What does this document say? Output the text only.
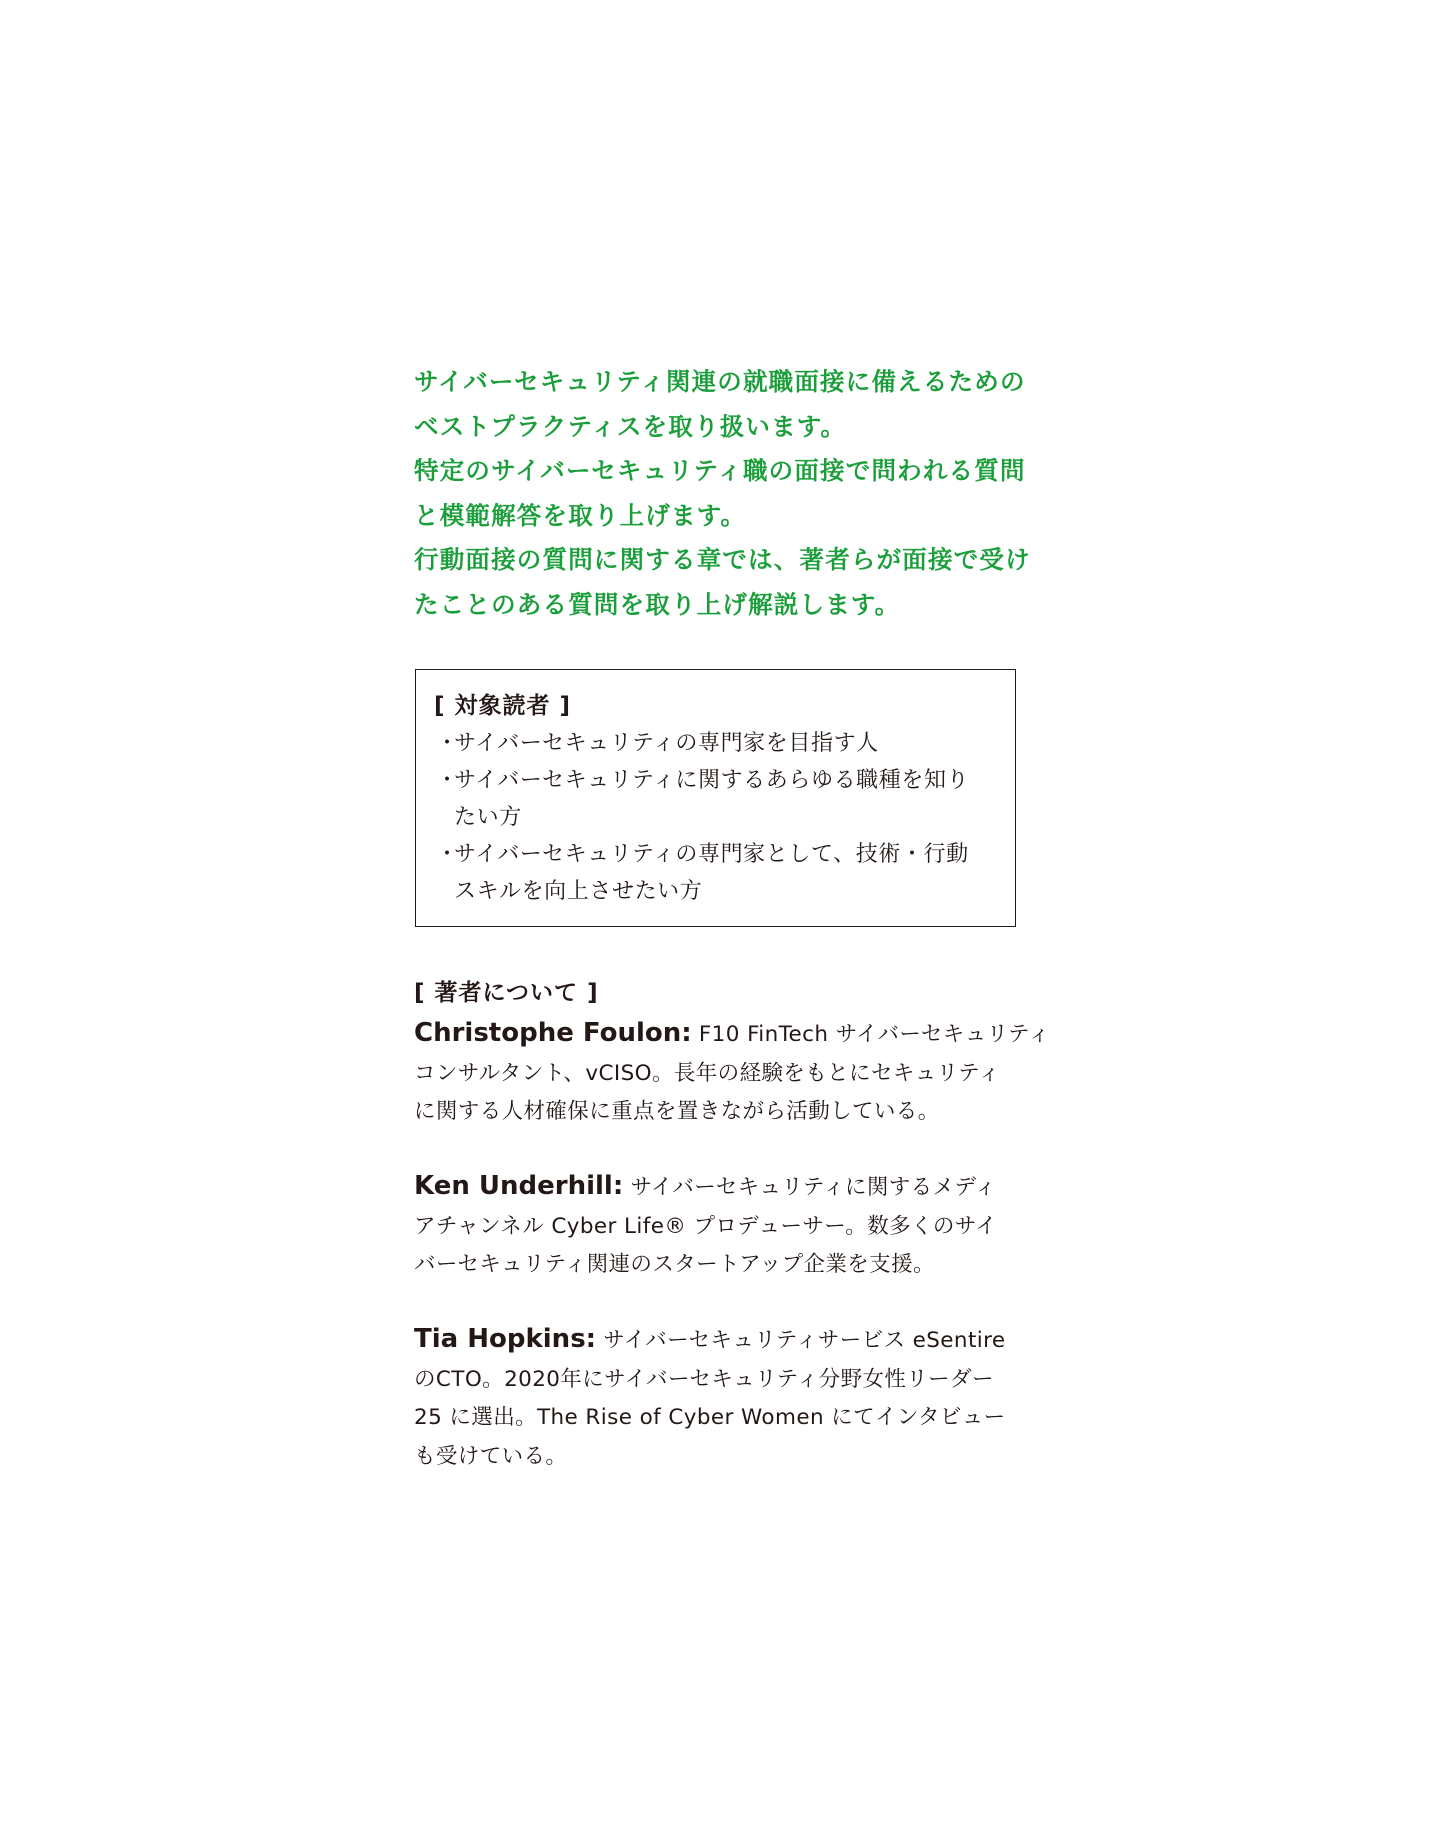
サイバーセキュリティ関連の就職面接に備えるための
ベストプラクティスを取り扱います。
特定のサイバーセキュリティ職の面接で問われる質問
と模範解答を取り上げます。
行動面接の質問に関する章では、著者らが面接で受け
たことのある質問を取り上げ解説します。
[ 対象読者 ]
・
サイバーセキュリティの専門家を目指す人
・
サイバーセキュリティに関するあらゆる職種を知り
たい方
・
サイバーセキュリティの専門家として、技術・行動
スキルを向上させたい方
[ 著者について ]
Christophe Foulon: F10 FinTech サイバーセキュリティ
コンサルタント、vCISO。長年の経験をもとにセキュリティ
に関する人材確保に重点を置きながら活動している。
Ken Underhill: サイバーセキュリティに関するメディ
アチャンネル Cyber Life® プロデューサー。数多くのサイ
バーセキュリティ関連のスタートアップ企業を支援。
Tia Hopkins: サイバーセキュリティサービス eSentire
のCTO。2020年にサイバーセキュリティ分野女性リーダー
25 に選出。The Rise of Cyber Women にてインタビュー
も受けている。
